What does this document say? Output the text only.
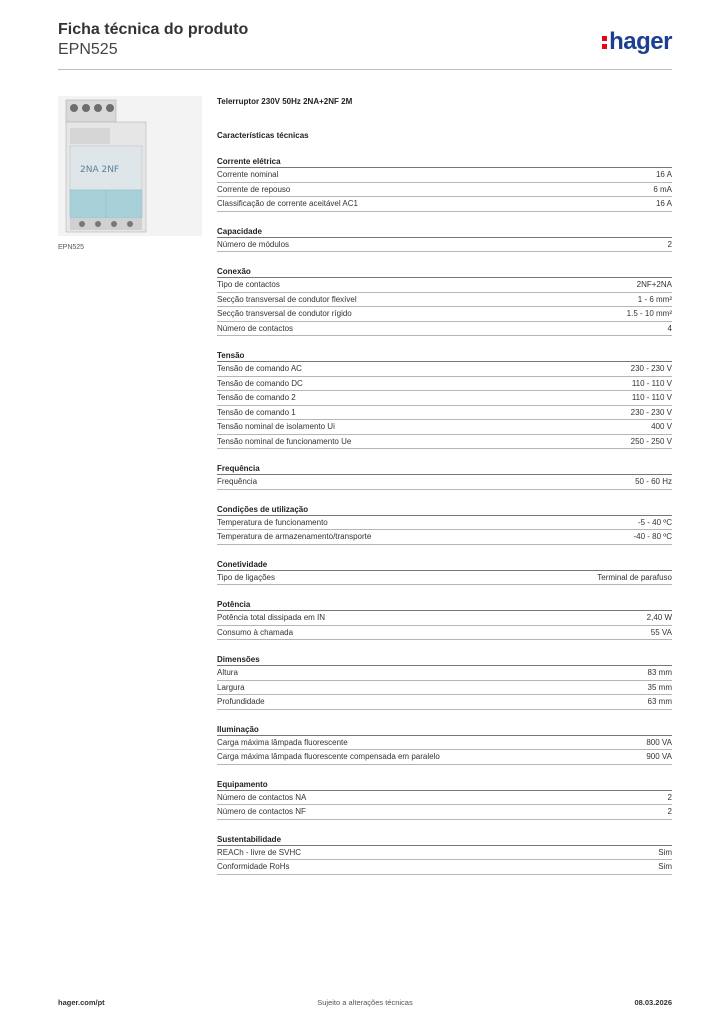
Ficha técnica do produto
EPN525	hager
2NA 2NF
EPN525
Telerruptor 230V 50Hz 2NA+2NF 2M
Características técnicas
Corrente elétrica
Corrente nominal	16 A
Corrente de repouso	6 mA
Classificação de corrente aceitável AC1	16 A
Capacidade
Número de módulos	2
Conexão
Tipo de contactos	2NF+2NA
Secção transversal de condutor flexível	1 - 6 mm²
Secção transversal de condutor rígido	1.5 - 10 mm²
Número de contactos	4
Tensão
Tensão de comando AC	230 - 230 V
Tensão de comando DC	110 - 110 V
Tensão de comando 2	110 - 110 V
Tensão de comando 1	230 - 230 V
Tensão nominal de isolamento Ui	400 V
Tensão nominal de funcionamento Ue	250 - 250 V
Frequência
Frequência	50 - 60 Hz
Condições de utilização
Temperatura de funcionamento	-5 - 40 ºC
Temperatura de armazenamento/transporte	-40 - 80 ºC
Conetividade
Tipo de ligações	Terminal de parafuso
Potência
Potência total dissipada em IN	2,40 W
Consumo à chamada	55 VA
Dimensões
Altura	83 mm
Largura	35 mm
Profundidade	63 mm
Iluminação
Carga máxima lâmpada fluorescente	800 VA
Carga máxima lâmpada fluorescente compensada em paralelo	900 VA
Equipamento
Número de contactos NA	2
Número de contactos NF	2
Sustentabilidade
REACh - livre de SVHC	Sim
Conformidade RoHs	Sim
hager.com/pt	Sujeito a alterações técnicas	08.03.2026
